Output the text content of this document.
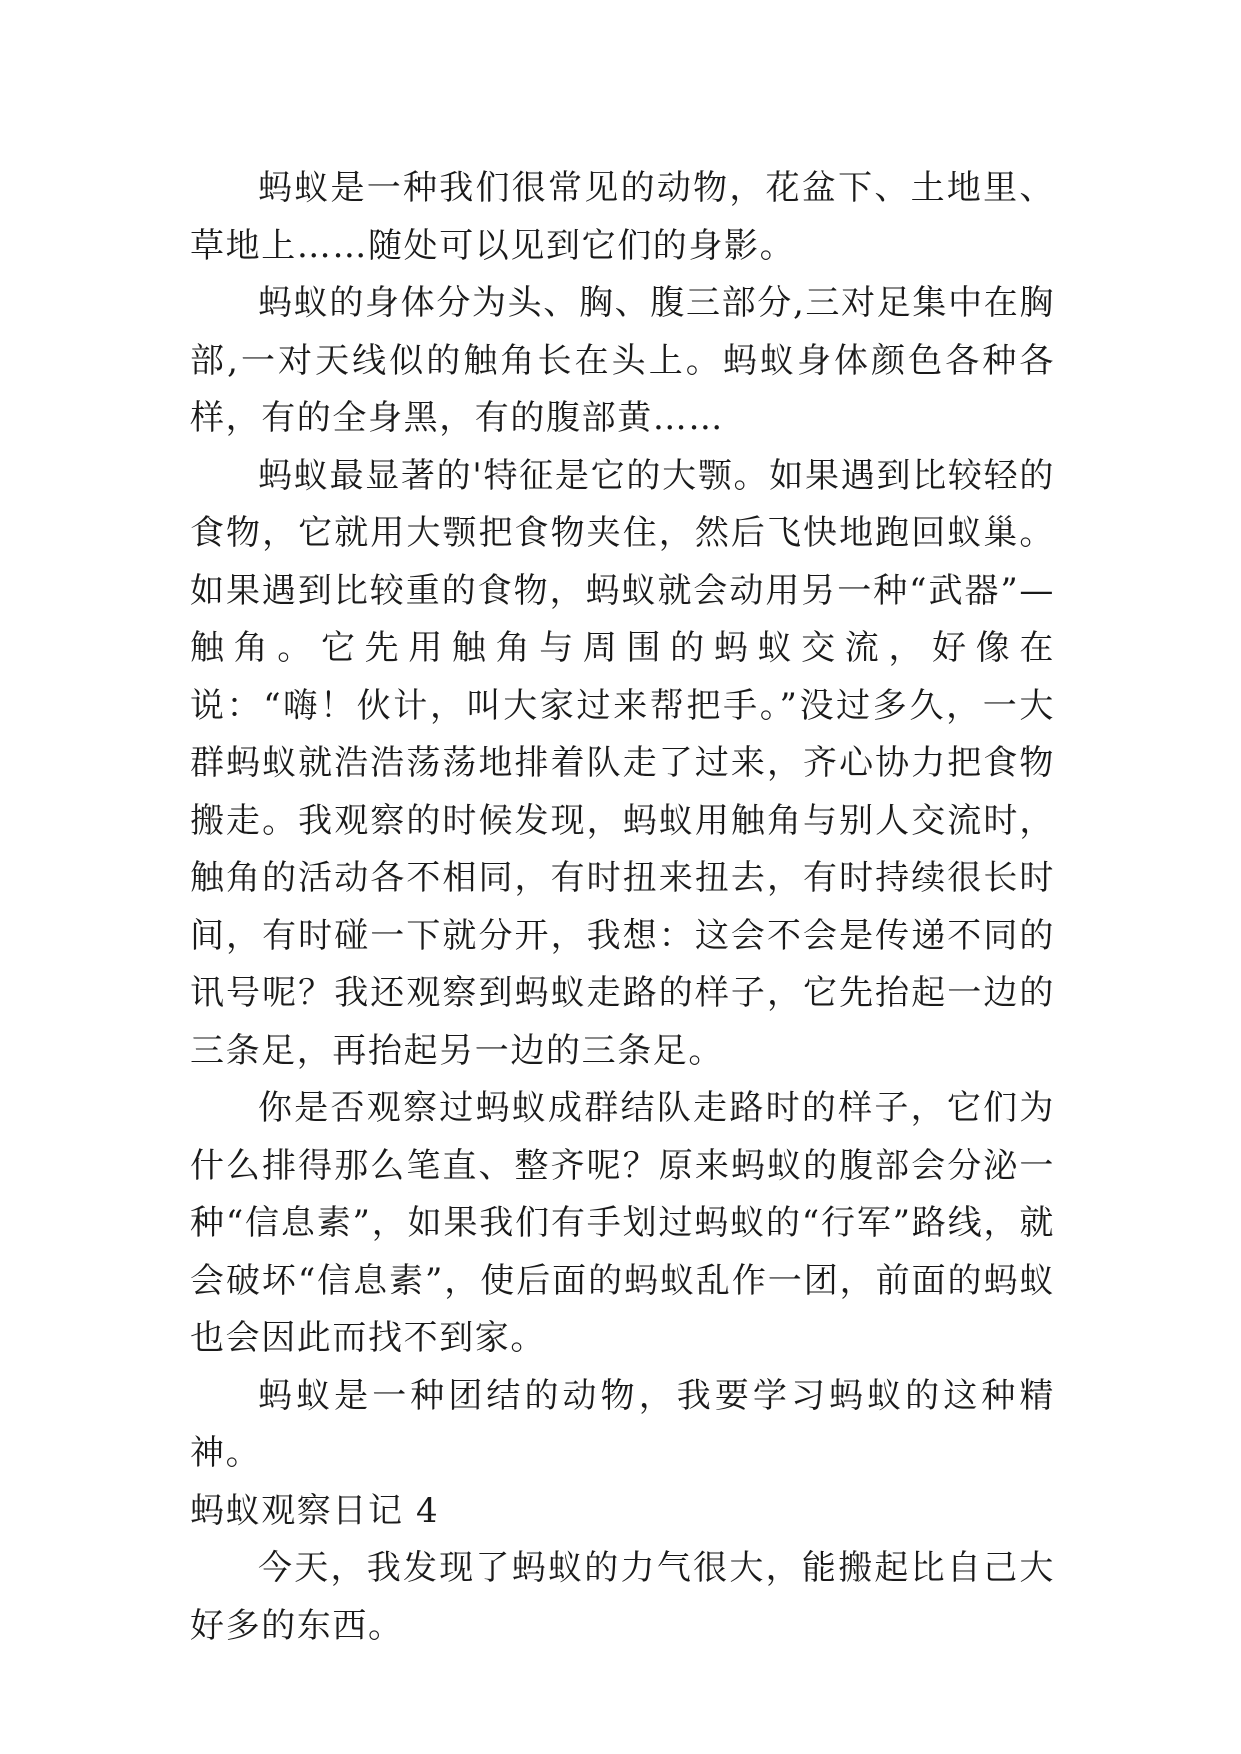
蚂蚁是一种我们很常见的动物，花盆下、土地里、草地上……随处可以见到它们的身影。

蚂蚁的身体分为头、胸、腹三部分,三对足集中在胸部,一对天线似的触角长在头上。蚂蚁身体颜色各种各样，有的全身黑，有的腹部黄……

蚂蚁最显著的'特征是它的大颚。如果遇到比较轻的食物，它就用大颚把食物夹住，然后飞快地跑回蚁巢。如果遇到比较重的食物，蚂蚁就会动用另一种“武器”—触角。它先用触角与周围的蚂蚁交流，好像在说：“嗨！伙计，叫大家过来帮把手。”没过多久，一大群蚂蚁就浩浩荡荡地排着队走了过来，齐心协力把食物搬走。我观察的时候发现，蚂蚁用触角与别人交流时，触角的活动各不相同，有时扭来扭去，有时持续很长时间，有时碰一下就分开，我想：这会不会是传递不同的讯号呢？我还观察到蚂蚁走路的样子，它先抬起一边的三条足，再抬起另一边的三条足。

你是否观察过蚂蚁成群结队走路时的样子，它们为什么排得那么笔直、整齐呢？原来蚂蚁的腹部会分泌一种“信息素”，如果我们有手划过蚂蚁的“行军”路线，就会破坏“信息素”，使后面的蚂蚁乱作一团，前面的蚂蚁也会因此而找不到家。

蚂蚁是一种团结的动物，我要学习蚂蚁的这种精神。

蚂蚁观察日记 4

今天，我发现了蚂蚁的力气很大，能搬起比自己大好多的东西。
